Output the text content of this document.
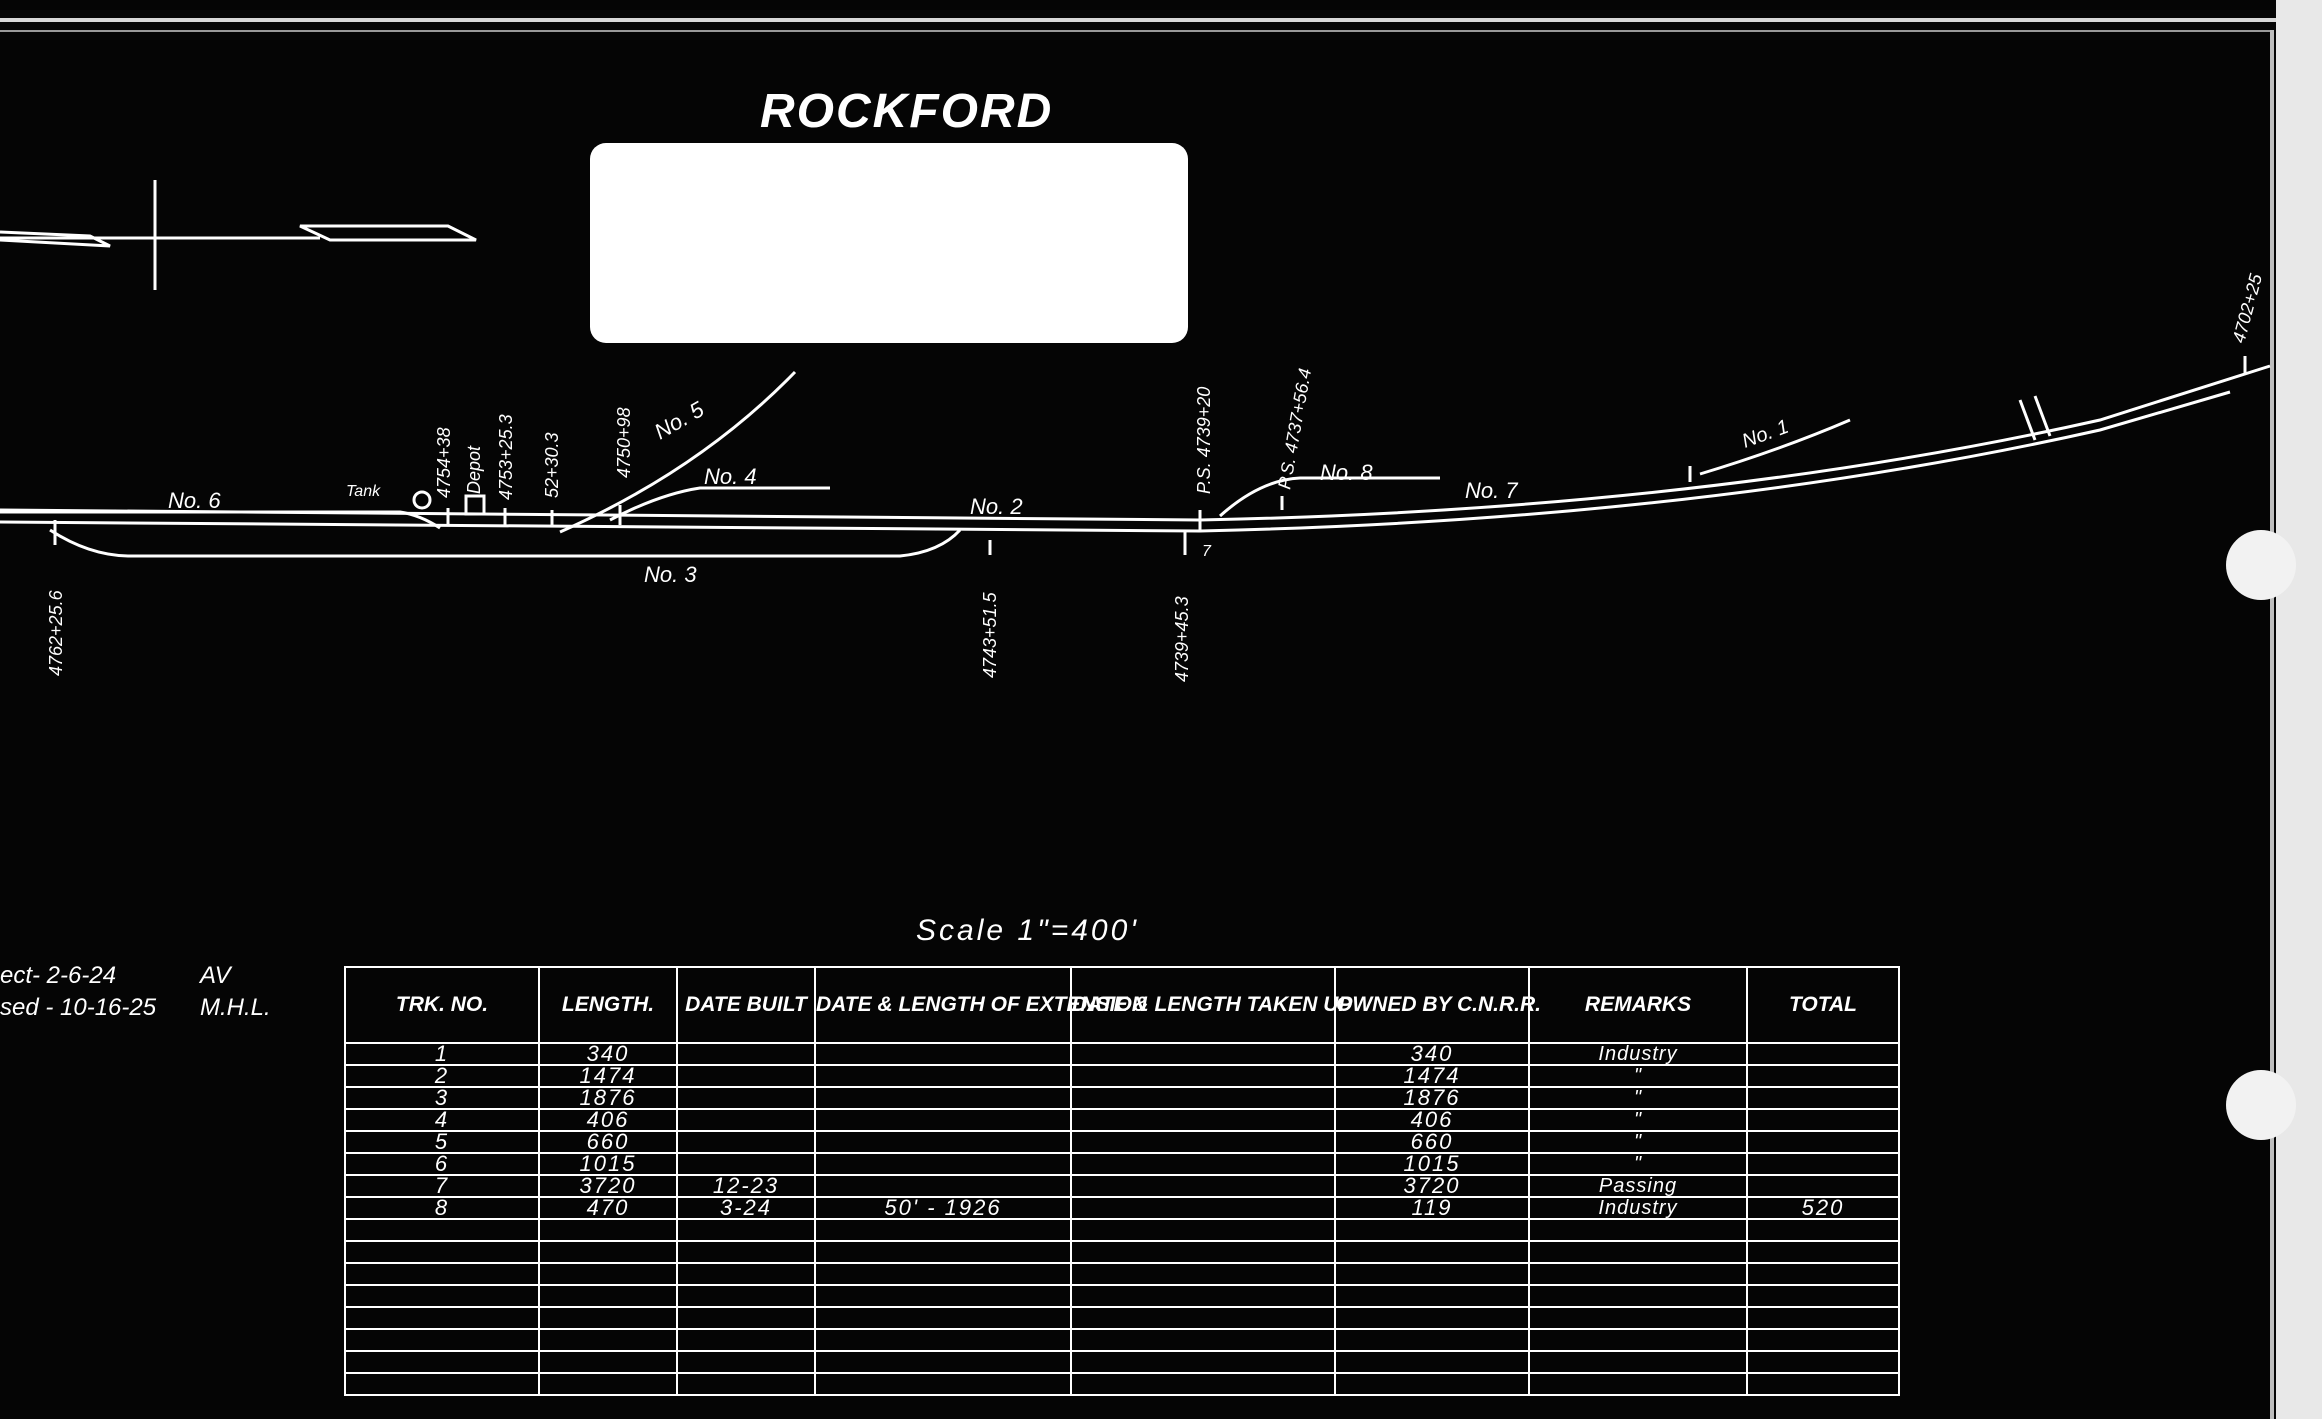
ROCKFORD
No. 6	Tank
No. 5
No. 4
No. 3
No. 2
No. 8
No. 7
No. 1
7
4762+25.6
4754+38 Depot 4753+25.3 52+30.3	4750+98
4743+51.5
P.S. 4739+20
4739+45.3
P.S. 4737+56.4
4702+25
Scale 1"=400'
ect- 2-6-24	AV
sed - 10-16-25 M.H.L.	TRK. NO.	LENGTH.	DATE BUILT	DATE & LENGTH OF EXTENSION	DATE & LENGTH TAKEN UP	OWNED BY C.N.R.R.	REMARKS	TOTAL
1	340				340	Industry	
2	1474				1474	"	
3	1876				1876	"	
4	406				406	"	
5	660				660	"	
6	1015				1015	"	
7	3720	12-23			3720	Passing	
8	470	3-24	50' - 1926		119	Industry	520
